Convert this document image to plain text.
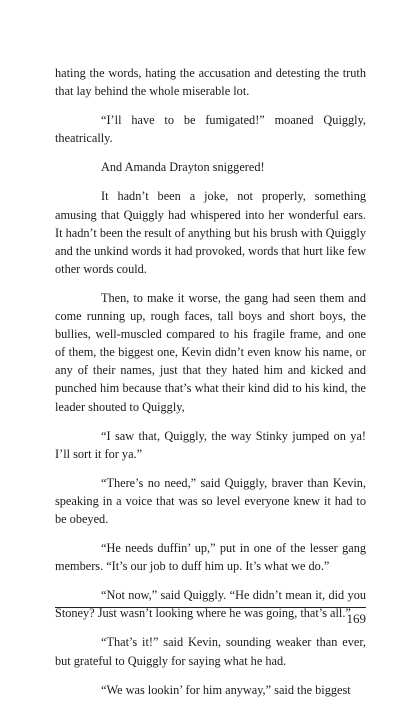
hating the words, hating the accusation and detesting the truth that lay behind the whole miserable lot.

“I’ll have to be fumigated!” moaned Quiggly, theatrically.

And Amanda Drayton sniggered!

It hadn’t been a joke, not properly, something amusing that Quiggly had whispered into her wonderful ears. It hadn’t been the result of anything but his brush with Quiggly and the unkind words it had provoked, words that hurt like few other words could.

Then, to make it worse, the gang had seen them and come running up, rough faces, tall boys and short boys, the bullies, well-muscled compared to his fragile frame, and one of them, the biggest one, Kevin didn’t even know his name, or any of their names, just that they hated him and kicked and punched him because that’s what their kind did to his kind, the leader shouted to Quiggly,

“I saw that, Quiggly, the way Stinky jumped on ya! I’ll sort it for ya.”

“There’s no need,” said Quiggly, braver than Kevin, speaking in a voice that was so level everyone knew it had to be obeyed.

“He needs duffin’ up,” put in one of the lesser gang members. “It’s our job to duff him up. It’s what we do.”

“Not now,” said Quiggly. “He didn’t mean it, did you Stoney? Just wasn’t looking where he was going, that’s all.”

“That’s it!” said Kevin, sounding weaker than ever, but grateful to Quiggly for saying what he had.

“We was lookin’ for him anyway,” said the biggest

169
